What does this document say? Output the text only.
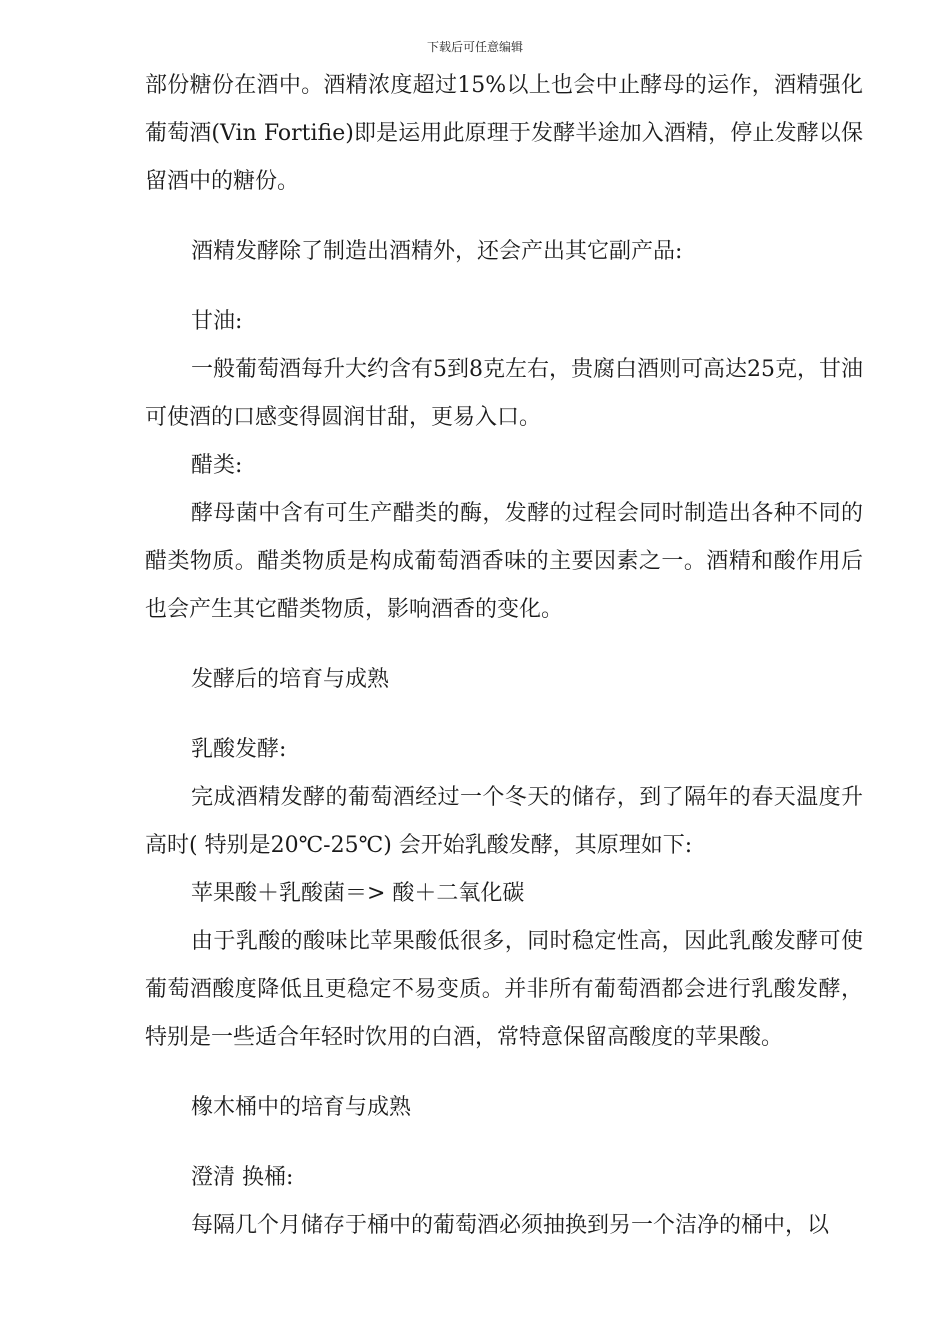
下载后可任意编辑

部份糖份在酒中。酒精浓度超过15%以上也会中止酵母的运作，酒精强化葡萄酒(Vin Fortifie)即是运用此原理于发酵半途加入酒精，停止发酵以保留酒中的糖份。

酒精发酵除了制造出酒精外，还会产出其它副产品:

甘油:

一般葡萄酒每升大约含有5到8克左右，贵腐白酒则可高达25克，甘油可使酒的口感变得圆润甘甜，更易入口。

醋类:

酵母菌中含有可生产醋类的酶，发酵的过程会同时制造出各种不同的醋类物质。醋类物质是构成葡萄酒香味的主要因素之一。酒精和酸作用后也会产生其它醋类物质，影响酒香的变化。

发酵后的培育与成熟

乳酸发酵:

完成酒精发酵的葡萄酒经过一个冬天的储存，到了隔年的春天温度升高时( 特别是20℃-25℃) 会开始乳酸发酵，其原理如下:

苹果酸＋乳酸菌＝> 酸＋二氧化碳

由于乳酸的酸味比苹果酸低很多，同时稳定性高，因此乳酸发酵可使葡萄酒酸度降低且更稳定不易变质。并非所有葡萄酒都会进行乳酸发酵，特别是一些适合年轻时饮用的白酒，常特意保留高酸度的苹果酸。

橡木桶中的培育与成熟

澄清 换桶:

每隔几个月储存于桶中的葡萄酒必须抽换到另一个洁净的桶中，以
